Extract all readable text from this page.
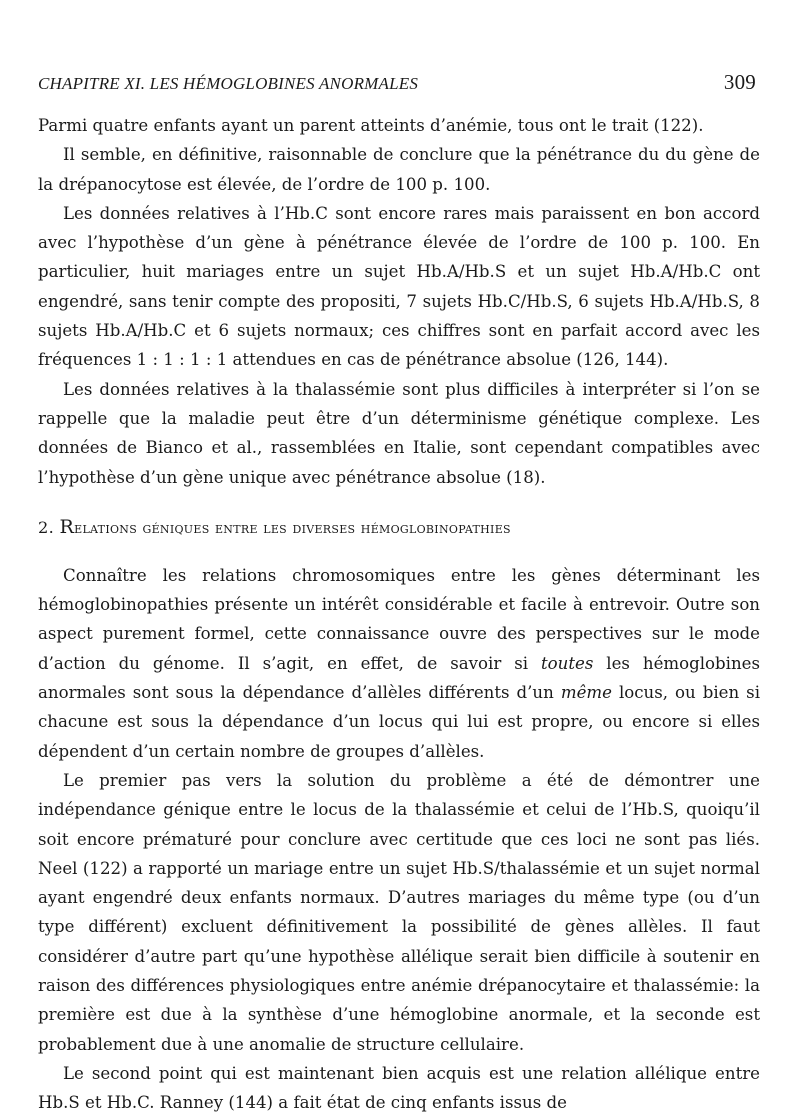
CHAPITRE XI. LES HÉMOGLOBINES ANORMALES	309

Parmi quatre enfants ayant un parent atteints d’anémie, tous ont le trait (122).

Il semble, en définitive, raisonnable de conclure que la pénétrance du du gène de la drépanocytose est élevée, de l’ordre de 100 p. 100.

Les données relatives à l’Hb.C sont encore rares mais paraissent en bon accord avec l’hypothèse d’un gène à pénétrance élevée de l’ordre de 100 p. 100. En particulier, huit mariages entre un sujet Hb.A/Hb.S et un sujet Hb.A/Hb.C ont engendré, sans tenir compte des propositi, 7 sujets Hb.C/Hb.S, 6 sujets Hb.A/Hb.S, 8 sujets Hb.A/Hb.C et 6 sujets normaux; ces chiffres sont en parfait accord avec les fréquences 1 : 1 : 1 : 1 attendues en cas de pénétrance absolue (126, 144).

Les données relatives à la thalassémie sont plus difficiles à interpréter si l’on se rappelle que la maladie peut être d’un déterminisme génétique complexe. Les données de Bianco et al., rassemblées en Italie, sont cependant compatibles avec l’hypothèse d’un gène unique avec pénétrance absolue (18).

2. Relations géniques entre les diverses hémoglobinopathies

Connaître les relations chromosomiques entre les gènes déterminant les hémoglobinopathies présente un intérêt considérable et facile à entrevoir. Outre son aspect purement formel, cette connaissance ouvre des perspectives sur le mode d’action du génome. Il s’agit, en effet, de savoir si toutes les hémoglobines anormales sont sous la dépendance d’allèles différents d’un même locus, ou bien si chacune est sous la dépendance d’un locus qui lui est propre, ou encore si elles dépendent d’un certain nombre de groupes d’allèles.

Le premier pas vers la solution du problème a été de démontrer une indépendance génique entre le locus de la thalassémie et celui de l’Hb.S, quoiqu’il soit encore prématuré pour conclure avec certitude que ces loci ne sont pas liés. Neel (122) a rapporté un mariage entre un sujet Hb.S/thalassémie et un sujet normal ayant engendré deux enfants normaux. D’autres mariages du même type (ou d’un type différent) excluent définitivement la possibilité de gènes allèles. Il faut considérer d’autre part qu’une hypothèse allélique serait bien difficile à soutenir en raison des différences physiologiques entre anémie drépanocytaire et thalassémie: la première est due à la synthèse d’une hémoglobine anormale, et la seconde est probablement due à une anomalie de structure cellulaire.

Le second point qui est maintenant bien acquis est une relation allélique entre Hb.S et Hb.C. Ranney (144) a fait état de cinq enfants issus de
